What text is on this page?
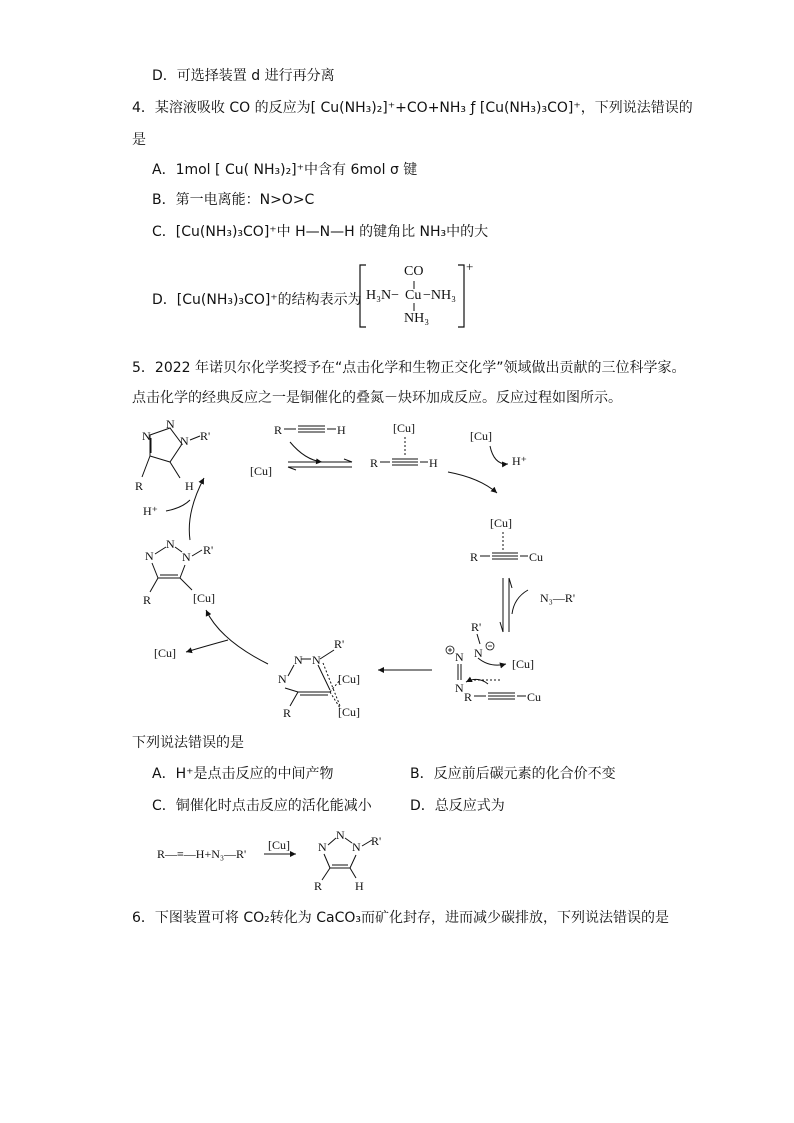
D．可选择装置 d 进行再分离
4．某溶液吸收 CO 的反应为[ Cu(NH₃)₂]⁺+CO+NH₃ ƒ [Cu(NH₃)₃CO]⁺，下列说法错误的
是
A．1mol [ Cu( NH₃)₂]⁺中含有 6mol σ 键
B．第一电离能：N>O>C
C．[Cu(NH₃)₃CO]⁺中 H—N—H 的键角比 NH₃中的大
D．[Cu(NH₃)₃CO]⁺的结构表示为
CO
H₃N− Cu −NH₃
NH₃
+
5．2022 年诺贝尔化学奖授予在“点击化学和生物正交化学”领域做出贡献的三位科学家。
点击化学的经典反应之一是铜催化的叠氮－炔环加成反应。反应过程如图所示。
N
N
N R'
R	H
[Cu]
R	H	[Cu]
R	H
[Cu]
H⁺
[Cu]
R	Cu
N₃—R'
R'
N
N
N
[Cu]
R	Cu
N
N N
R'
R
[Cu]
[Cu]
[Cu]
N
N
N R'
R	[Cu]
H⁺
R—≡—H+N₃—R'
[Cu] N
N
N R'
R	H
下列说法错误的是
A．H⁺是点击反应的中间产物	B．反应前后碳元素的化合价不变
C．铜催化时点击反应的活化能减小	D．总反应式为
6．下图装置可将 CO₂转化为 CaCO₃而矿化封存，进而减少碳排放，下列说法错误的是
